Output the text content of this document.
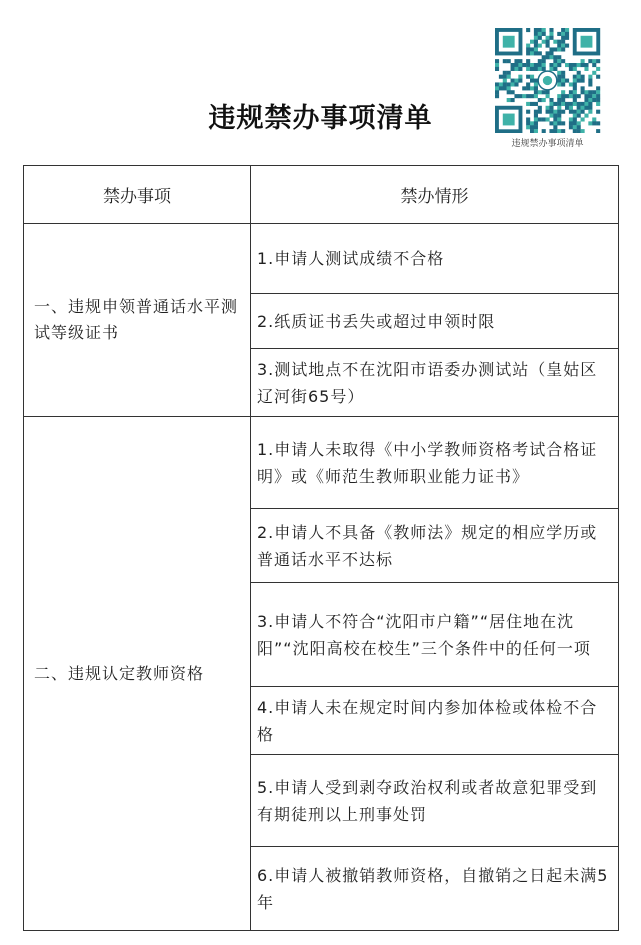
违规禁办事项清单
违规禁办事项清单
禁办事项	禁办情形
一、违规申领普通话水平测试等级证书	1.申请人测试成绩不合格
	2.纸质证书丢失或超过申领时限
	3.测试地点不在沈阳市语委办测试站（皇姑区辽河街65号）
二、违规认定教师资格	1.申请人未取得《中小学教师资格考试合格证明》或《师范生教师职业能力证书》
	2.申请人不具备《教师法》规定的相应学历或普通话水平不达标
	3.申请人不符合“沈阳市户籍”“居住地在沈阳”“沈阳高校在校生”三个条件中的任何一项
	4.申请人未在规定时间内参加体检或体检不合格
	5.申请人受到剥夺政治权利或者故意犯罪受到有期徒刑以上刑事处罚
	6.申请人被撤销教师资格，自撤销之日起未满5年
